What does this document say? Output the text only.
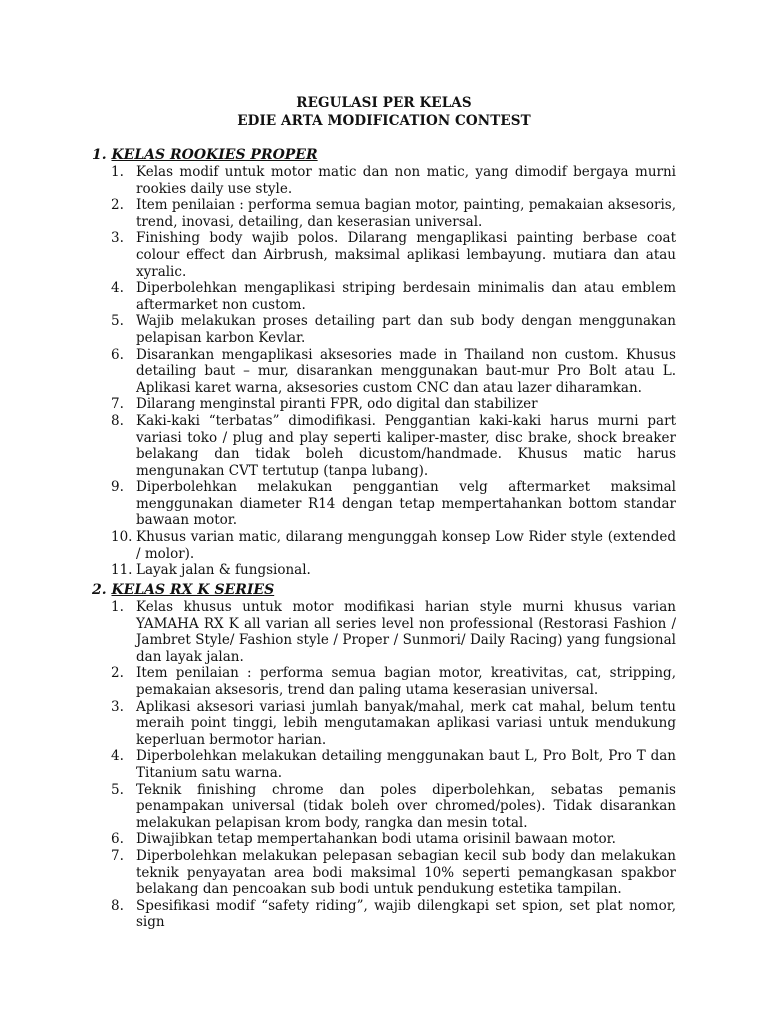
REGULASI PER KELAS
EDIE ARTA MODIFICATION CONTEST
1. KELAS ROOKIES PROPER
1. Kelas modif untuk motor matic dan non matic, yang dimodif bergaya murni rookies daily use style.
2. Item penilaian : performa semua bagian motor, painting, pemakaian aksesoris, trend, inovasi, detailing, dan keserasian universal.
3. Finishing body wajib polos. Dilarang mengaplikasi painting berbase coat colour effect dan Airbrush, maksimal aplikasi lembayung. mutiara dan atau xyralic.
4. Diperbolehkan mengaplikasi striping berdesain minimalis dan atau emblem aftermarket non custom.
5. Wajib melakukan proses detailing part dan sub body dengan menggunakan pelapisan karbon Kevlar.
6. Disarankan mengaplikasi aksesories made in Thailand non custom. Khusus detailing baut – mur, disarankan menggunakan baut-mur Pro Bolt atau L. Aplikasi karet warna, aksesories custom CNC dan atau lazer diharamkan.
7. Dilarang menginstal piranti FPR, odo digital dan stabilizer
8. Kaki-kaki “terbatas” dimodifikasi. Penggantian kaki-kaki harus murni part variasi toko / plug and play seperti kaliper-master, disc brake, shock breaker belakang dan tidak boleh dicustom/handmade. Khusus matic harus mengunakan CVT tertutup (tanpa lubang).
9. Diperbolehkan melakukan penggantian velg aftermarket maksimal menggunakan diameter R14 dengan tetap mempertahankan bottom standar bawaan motor.
10. Khusus varian matic, dilarang mengunggah konsep Low Rider style (extended / molor).
11. Layak jalan & fungsional.
2. KELAS RX K SERIES
1. Kelas khusus untuk motor modifikasi harian style murni khusus varian YAMAHA RX K all varian all series level non professional (Restorasi Fashion / Jambret Style/ Fashion style / Proper / Sunmori/ Daily Racing) yang fungsional dan layak jalan.
2. Item penilaian : performa semua bagian motor, kreativitas, cat, stripping, pemakaian aksesoris, trend dan paling utama keserasian universal.
3. Aplikasi aksesori variasi jumlah banyak/mahal, merk cat mahal, belum tentu meraih point tinggi, lebih mengutamakan aplikasi variasi untuk mendukung keperluan bermotor harian.
4. Diperbolehkan melakukan detailing menggunakan baut L, Pro Bolt, Pro T dan Titanium satu warna.
5. Teknik finishing chrome dan poles diperbolehkan, sebatas pemanis penampakan universal (tidak boleh over chromed/poles). Tidak disarankan melakukan pelapisan krom body, rangka dan mesin total.
6. Diwajibkan tetap mempertahankan bodi utama orisinil bawaan motor.
7. Diperbolehkan melakukan pelepasan sebagian kecil sub body dan melakukan teknik penyayatan area bodi maksimal 10% seperti pemangkasan spakbor belakang dan pencoakan sub bodi untuk pendukung estetika tampilan.
8. Spesifikasi modif “safety riding”, wajib dilengkapi set spion, set plat nomor, sign
